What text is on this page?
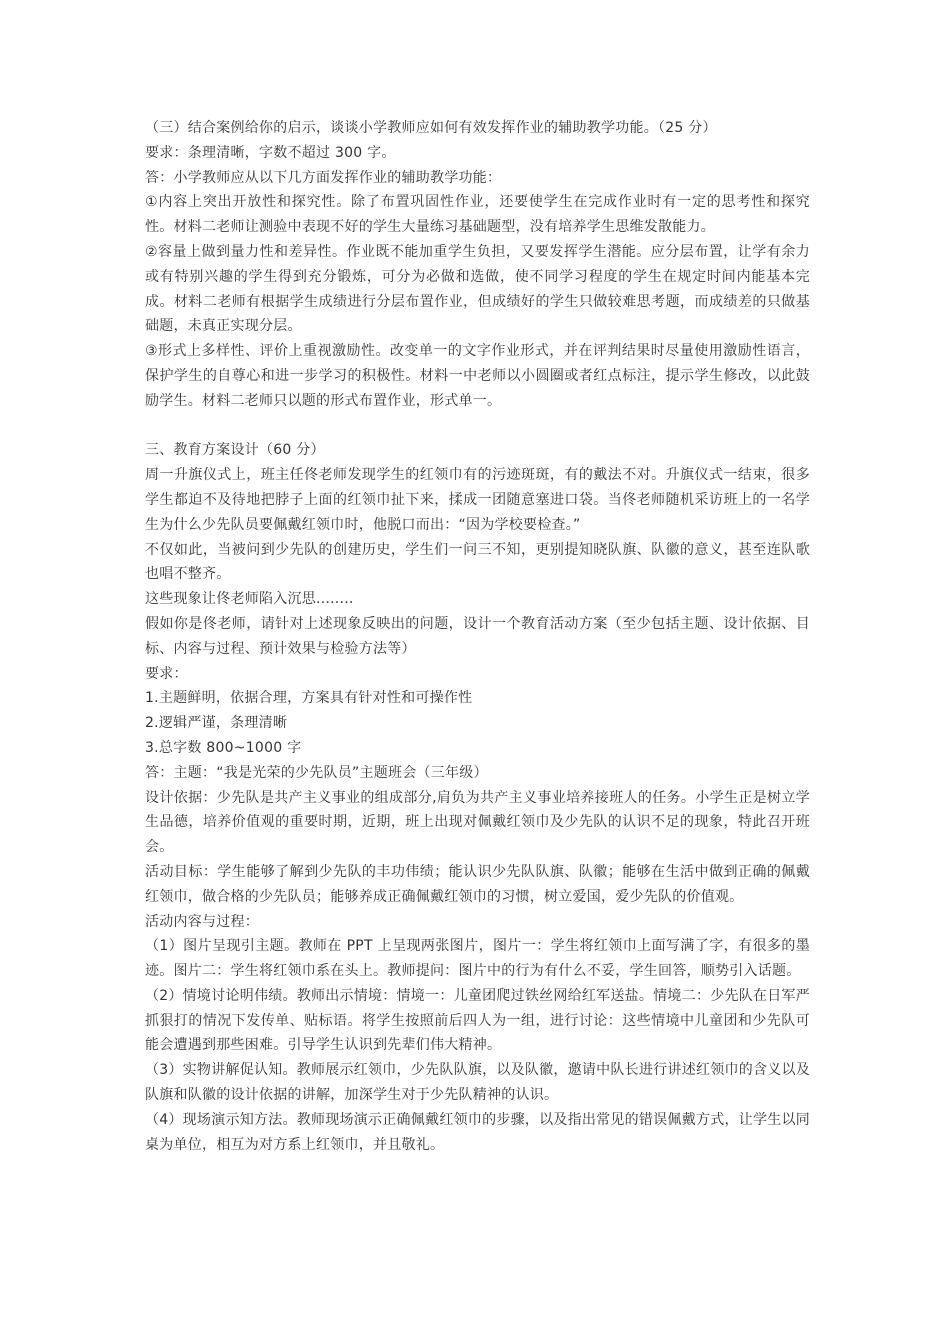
（三）结合案例给你的启示，谈谈小学教师应如何有效发挥作业的辅助教学功能。（25 分）

要求：条理清晰，字数不超过 300 字。

答：小学教师应从以下几方面发挥作业的辅助教学功能：

①内容上突出开放性和探究性。除了布置巩固性作业，还要使学生在完成作业时有一定的思考性和探究性。材料二老师让测验中表现不好的学生大量练习基础题型，没有培养学生思维发散能力。

②容量上做到量力性和差异性。作业既不能加重学生负担，又要发挥学生潜能。应分层布置，让学有余力或有特别兴趣的学生得到充分锻炼，可分为必做和选做，使不同学习程度的学生在规定时间内能基本完成。材料二老师有根据学生成绩进行分层布置作业，但成绩好的学生只做较难思考题，而成绩差的只做基础题，未真正实现分层。

③形式上多样性、评价上重视激励性。改变单一的文字作业形式，并在评判结果时尽量使用激励性语言，保护学生的自尊心和进一步学习的积极性。材料一中老师以小圆圈或者红点标注，提示学生修改，以此鼓励学生。材料二老师只以题的形式布置作业，形式单一。

三、教育方案设计（60 分）

周一升旗仪式上，班主任佟老师发现学生的红领巾有的污迹斑斑，有的戴法不对。升旗仪式一结束，很多学生都迫不及待地把脖子上面的红领巾扯下来，揉成一团随意塞进口袋。当佟老师随机采访班上的一名学生为什么少先队员要佩戴红领巾时，他脱口而出：“因为学校要检查。”

不仅如此，当被问到少先队的创建历史，学生们一问三不知，更别提知晓队旗、队徽的意义，甚至连队歌也唱不整齐。

这些现象让佟老师陷入沉思........

假如你是佟老师，请针对上述现象反映出的问题，设计一个教育活动方案（至少包括主题、设计依据、目标、内容与过程、预计效果与检验方法等）

要求：

1.主题鲜明，依据合理，方案具有针对性和可操作性

2.逻辑严谨，条理清晰

3.总字数 800~1000 字

答：主题：“我是光荣的少先队员”主题班会（三年级）

设计依据：少先队是共产主义事业的组成部分,肩负为共产主义事业培养接班人的任务。小学生正是树立学生品德，培养价值观的重要时期，近期，班上出现对佩戴红领巾及少先队的认识不足的现象，特此召开班会。

活动目标：学生能够了解到少先队的丰功伟绩；能认识少先队队旗、队徽；能够在生活中做到正确的佩戴红领巾，做合格的少先队员；能够养成正确佩戴红领巾的习惯，树立爱国，爱少先队的价值观。

活动内容与过程：

（1）图片呈现引主题。教师在 PPT 上呈现两张图片，图片一：学生将红领巾上面写满了字，有很多的墨迹。图片二：学生将红领巾系在头上。教师提问：图片中的行为有什么不妥，学生回答，顺势引入话题。

（2）情境讨论明伟绩。教师出示情境：情境一：儿童团爬过铁丝网给红军送盐。情境二：少先队在日军严抓狠打的情况下发传单、贴标语。将学生按照前后四人为一组，进行讨论：这些情境中儿童团和少先队可能会遭遇到那些困难。引导学生认识到先辈们伟大精神。

（3）实物讲解促认知。教师展示红领巾，少先队队旗，以及队徽，邀请中队长进行讲述红领巾的含义以及队旗和队徽的设计依据的讲解，加深学生对于少先队精神的认识。

（4）现场演示知方法。教师现场演示正确佩戴红领巾的步骤，以及指出常见的错误佩戴方式，让学生以同桌为单位，相互为对方系上红领巾，并且敬礼。
